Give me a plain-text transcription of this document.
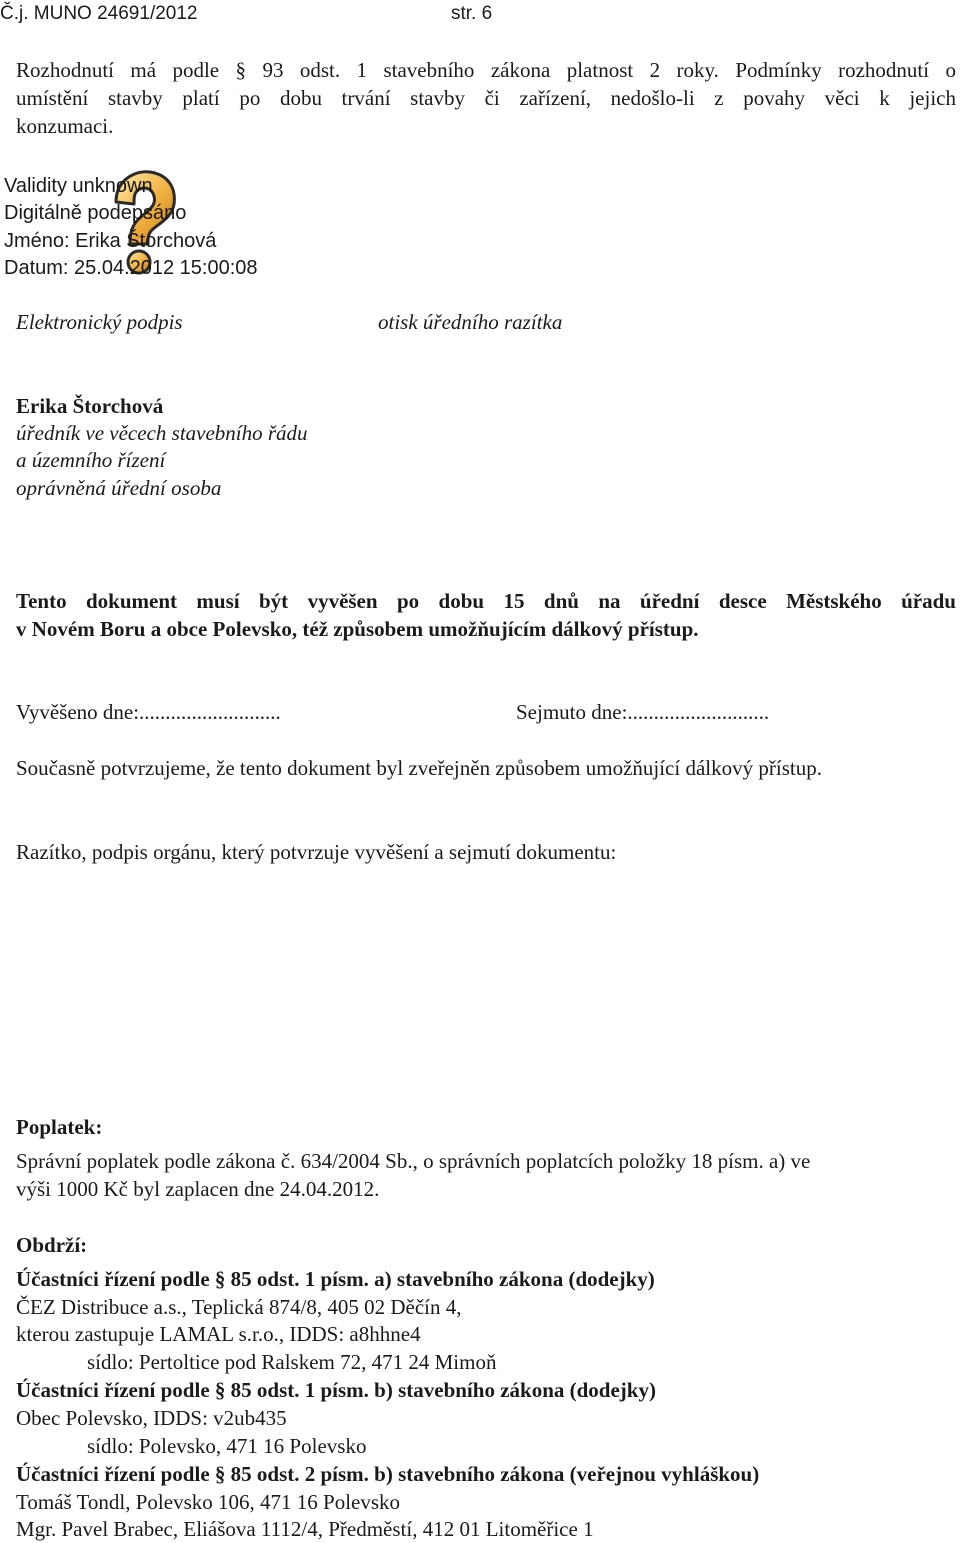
Č.j. MUNO 24691/2012	str. 6
Rozhodnutí má podle § 93 odst. 1 stavebního zákona platnost 2 roky. Podmínky rozhodnutí o
umístění stavby platí po dobu trvání stavby či zařízení, nedošlo-li z povahy věci k jejich
konzumaci.
Validity unknown
Digitálně podepsáno
Jméno: Erika Štorchová
Datum: 25.04.2012 15:00:08
Elektronický podpis	otisk úředního razítka
Erika Štorchová
úředník ve věcech stavebního řádu
a územního řízení
oprávněná úřední osoba
Tento dokument musí být vyvěšen po dobu 15 dnů na úřední desce Městského úřadu
v Novém Boru a obce Polevsko, též způsobem umožňujícím dálkový přístup.
Vyvěšeno dne:...........................	Sejmuto dne:...........................
Současně potvrzujeme, že tento dokument byl zveřejněn způsobem umožňující dálkový přístup.
Razítko, podpis orgánu, který potvrzuje vyvěšení a sejmutí dokumentu:
Poplatek:
Správní poplatek podle zákona č. 634/2004 Sb., o správních poplatcích položky 18 písm. a) ve
výši 1000 Kč byl zaplacen dne 24.04.2012.
Obdrží:
Účastníci řízení podle § 85 odst. 1 písm. a) stavebního zákona (dodejky)
ČEZ Distribuce a.s., Teplická 874/8, 405 02 Děčín 4,
kterou zastupuje LAMAL s.r.o., IDDS: a8hhne4
sídlo: Pertoltice pod Ralskem 72, 471 24 Mimoň
Účastníci řízení podle § 85 odst. 1 písm. b) stavebního zákona (dodejky)
Obec Polevsko, IDDS: v2ub435
sídlo: Polevsko, 471 16 Polevsko
Účastníci řízení podle § 85 odst. 2 písm. b) stavebního zákona (veřejnou vyhláškou)
Tomáš Tondl, Polevsko 106, 471 16 Polevsko
Mgr. Pavel Brabec, Eliášova 1112/4, Předměstí, 412 01 Litoměřice 1
